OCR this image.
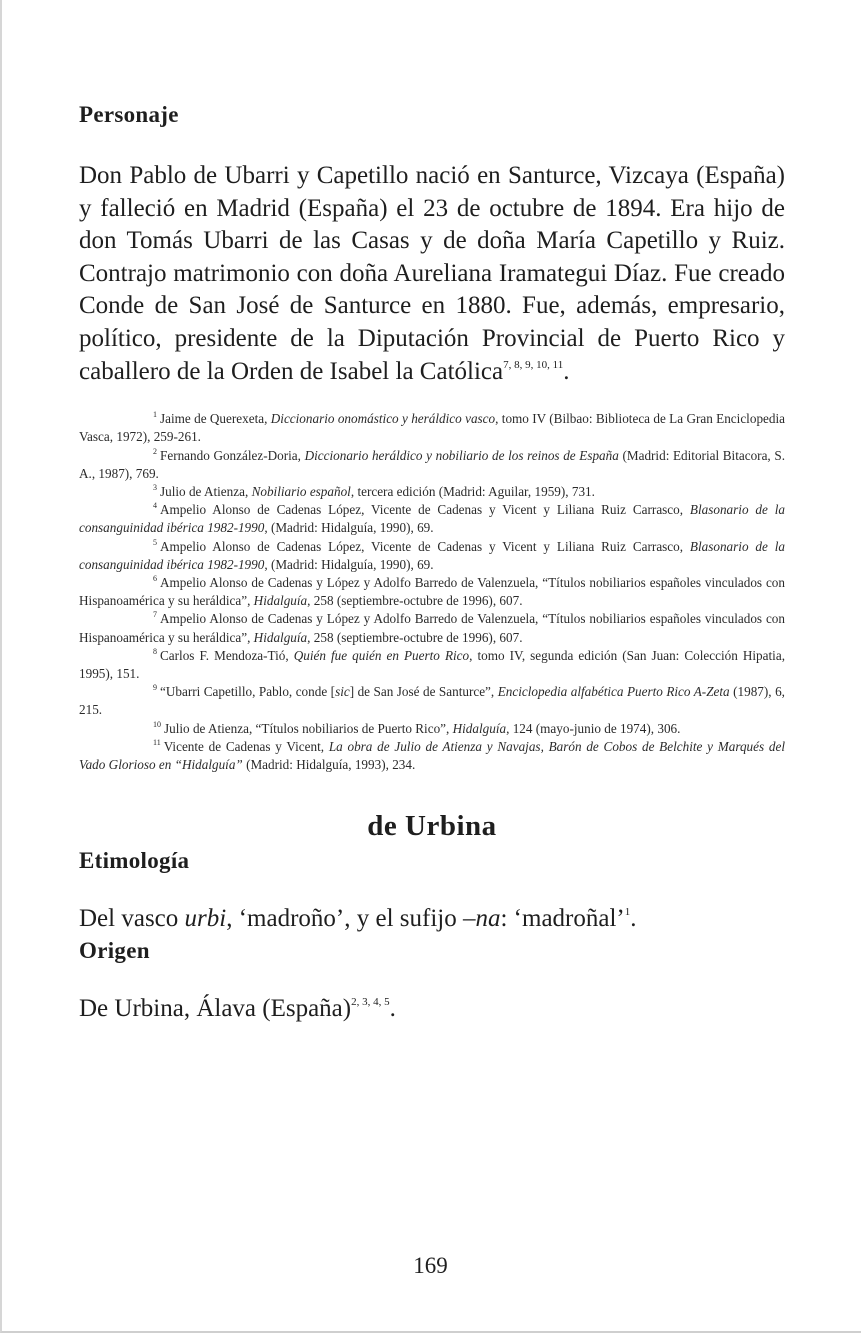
Personaje

Don Pablo de Ubarri y Capetillo nació en Santurce, Vizcaya (España) y falleció en Madrid (España) el 23 de octubre de 1894. Era hijo de don Tomás Ubarri de las Casas y de doña María Capetillo y Ruiz. Contrajo matrimonio con doña Aureliana Iramategui Díaz. Fue creado Conde de San José de Santurce en 1880. Fue, además, empresario, político, presidente de la Diputación Provincial de Puerto Rico y caballero de la Orden de Isabel la Católica$^{7, 8, 9, 10, 11}$.

$^1$ Jaime de Querexeta, Diccionario onomástico y heráldico vasco, tomo IV (Bilbao: Biblioteca de La Gran Enciclopedia Vasca, 1972), 259-261.

$^2$ Fernando González-Doria, Diccionario heráldico y nobiliario de los reinos de España (Madrid: Editorial Bitacora, S. A., 1987), 769.

$^3$ Julio de Atienza, Nobiliario español, tercera edición (Madrid: Aguilar, 1959), 731.

$^4$ Ampelio Alonso de Cadenas López, Vicente de Cadenas y Vicent y Liliana Ruiz Carrasco, Blasonario de la consanguinidad ibérica 1982-1990, (Madrid: Hidalguía, 1990), 69.

$^5$ Ampelio Alonso de Cadenas López, Vicente de Cadenas y Vicent y Liliana Ruiz Carrasco, Blasonario de la consanguinidad ibérica 1982-1990, (Madrid: Hidalguía, 1990), 69.

$^6$ Ampelio Alonso de Cadenas y López y Adolfo Barredo de Valenzuela, “Títulos nobiliarios españoles vinculados con Hispanoamérica y su heráldica”, Hidalguía, 258 (septiembre-octubre de 1996), 607.

$^7$ Ampelio Alonso de Cadenas y López y Adolfo Barredo de Valenzuela, “Títulos nobiliarios españoles vinculados con Hispanoamérica y su heráldica”, Hidalguía, 258 (septiembre-octubre de 1996), 607.

$^8$ Carlos F. Mendoza-Tió, Quién fue quién en Puerto Rico, tomo IV, segunda edición (San Juan: Colección Hipatia, 1995), 151.

$^9$ “Ubarri Capetillo, Pablo, conde [sic] de San José de Santurce”, Enciclopedia alfabética Puerto Rico A-Zeta (1987), 6, 215.

$^{10}$ Julio de Atienza, “Títulos nobiliarios de Puerto Rico”, Hidalguía, 124 (mayo-junio de 1974), 306.

$^{11}$ Vicente de Cadenas y Vicent, La obra de Julio de Atienza y Navajas, Barón de Cobos de Belchite y Marqués del Vado Glorioso en “Hidalguía” (Madrid: Hidalguía, 1993), 234.

de Urbina
Etimología

Del vasco urbi, ‘madroño’, y el sufijo –na: ‘madroñal’$^1$.

Origen

De Urbina, Álava (España)$^{2, 3, 4, 5}$.

169
